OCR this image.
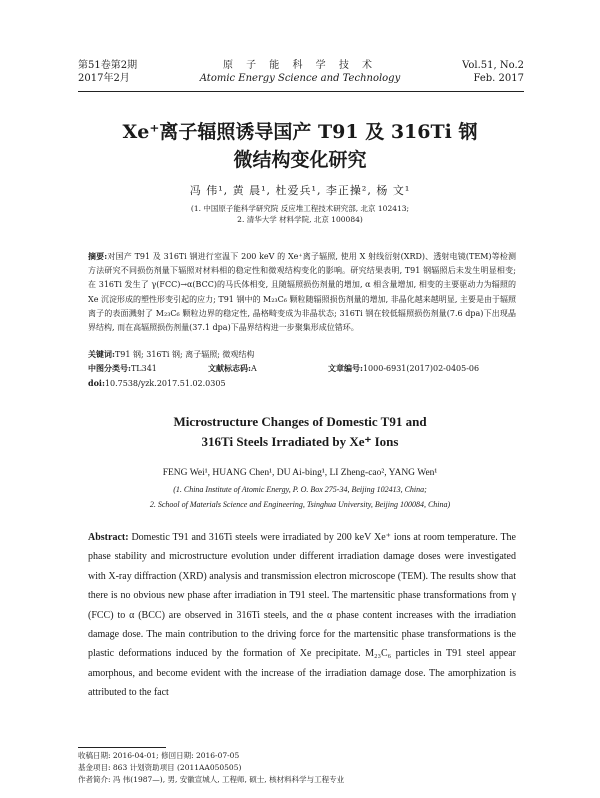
第51卷第2期
2017年2月
原 子 能 科 学 技 术
Atomic Energy Science and Technology
Vol.51, No.2
Feb. 2017
Xe⁺离子辐照诱导国产 T91 及 316Ti 钢
微结构变化研究
冯 伟¹, 黄 晨¹, 杜爱兵¹, 李正操², 杨 文¹
(1. 中国原子能科学研究院 反应堆工程技术研究部, 北京 102413;
2. 清华大学 材料学院, 北京 100084)
摘要:对国产 T91 及 316Ti 钢进行室温下 200 keV 的 Xe⁺离子辐照, 使用 X 射线衍射(XRD)、透射电镜(TEM)等检测方法研究不同损伤剂量下辐照对材料相的稳定性和微观结构变化的影响。研究结果表明, T91 钢辐照后未发生明显相变; 在 316Ti 发生了 γ(FCC)→α(BCC)的马氏体相变, 且随辐照损伤剂量的增加, α 相含量增加, 相变的主要驱动力为辐照的 Xe 沉淀形成的塑性形变引起的应力; T91 钢中的 M₂₃C₆ 颗粒随辐照损伤剂量的增加, 非晶化越来越明显, 主要是由于辐照离子的表面溅射了 M₂₃C₆ 颗粒边界的稳定性, 晶格畸变成为非晶状态; 316Ti 钢在较低辐照损伤剂量(7.6 dpa)下出现晶界结构, 而在高辐照损伤剂量(37.1 dpa)下晶界结构进一步聚集形成位错环。
关键词:T91 钢; 316Ti 钢; 离子辐照; 微观结构
中图分类号:TL341	文献标志码:A	文章编号:1000-6931(2017)02-0405-06
doi:10.7538/yzk.2017.51.02.0305
Microstructure Changes of Domestic T91 and
316Ti Steels Irradiated by Xe⁺ Ions
FENG Wei¹, HUANG Chen¹, DU Ai-bing¹, LI Zheng-cao², YANG Wen¹
(1. China Institute of Atomic Energy, P. O. Box 275-34, Beijing 102413, China;
2. School of Materials Science and Engineering, Tsinghua University, Beijing 100084, China)
Abstract: Domestic T91 and 316Ti steels were irradiated by 200 keV Xe⁺ ions at room temperature. The phase stability and microstructure evolution under different irradiation damage doses were investigated with X-ray diffraction (XRD) analysis and transmission electron microscope (TEM). The results show that there is no obvious new phase after irradiation in T91 steel. The martensitic phase transformations from γ (FCC) to α (BCC) are observed in 316Ti steels, and the α phase content increases with the irradiation damage dose. The main contribution to the driving force for the martensitic phase transformations is the plastic deformations induced by the formation of Xe precipitate. M₂₃C₆ particles in T91 steel appear amorphous, and become evident with the increase of the irradiation damage dose. The amorphization is attributed to the fact
收稿日期: 2016-04-01; 修回日期: 2016-07-05
基金项目: 863 计划资助项目 (2011AA050505)
作者简介: 冯 伟(1987—), 男, 安徽宣城人, 工程师, 硕士, 核材料科学与工程专业
